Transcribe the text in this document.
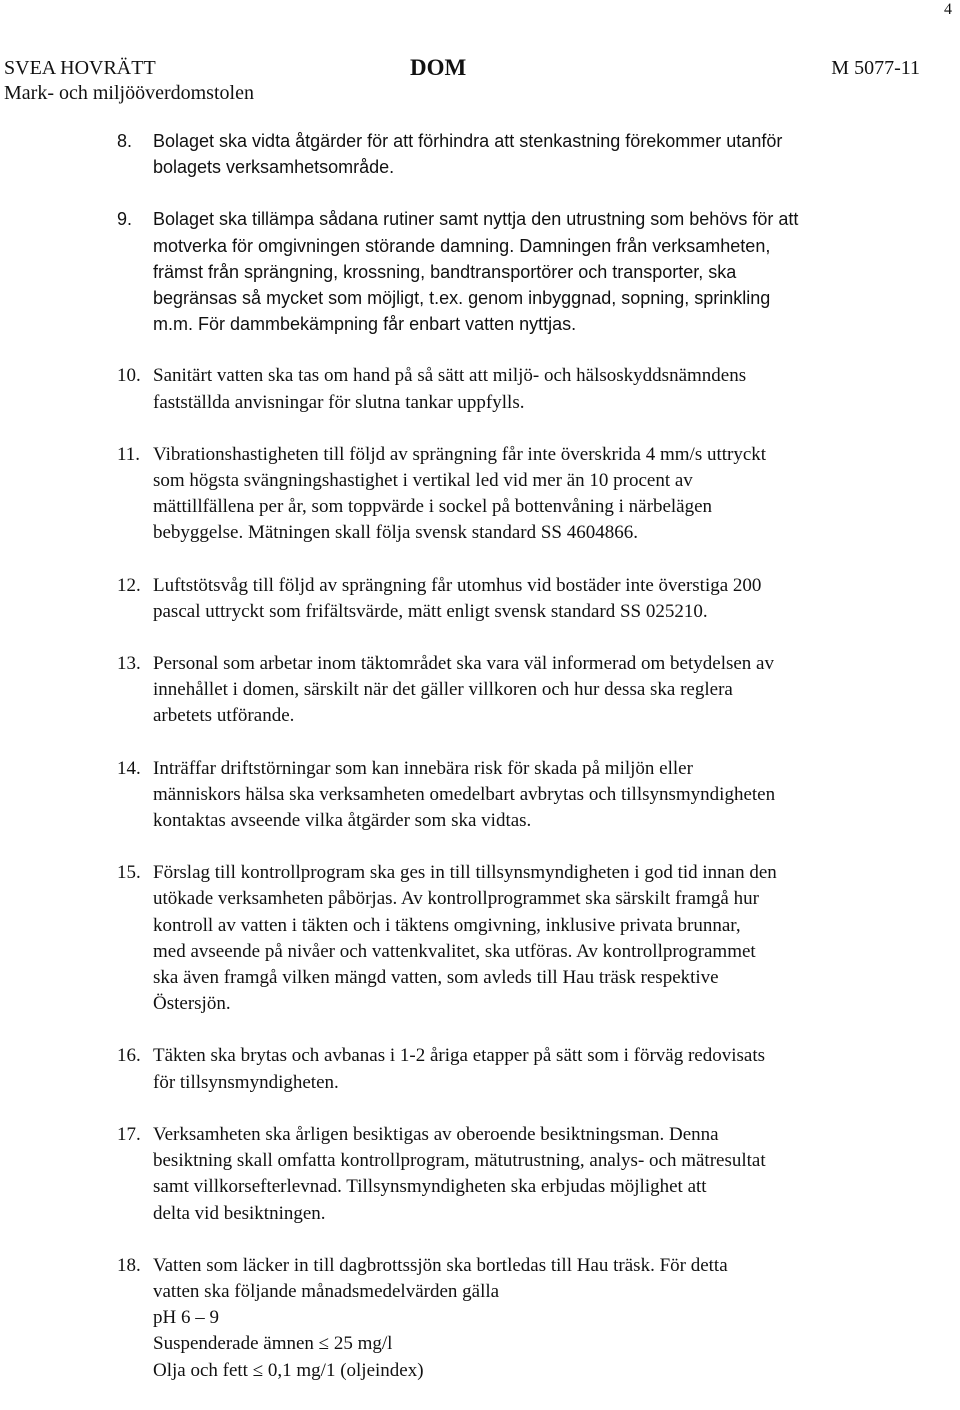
4
SVEA HOVRÄTT
Mark- och miljööverdomstolen
DOM	M 5077-11
8. Bolaget ska vidta åtgärder för att förhindra att stenkastning förekommer utanför
bolagets verksamhetsområde.
9. Bolaget ska tillämpa sådana rutiner samt nyttja den utrustning som behövs för att
motverka för omgivningen störande damning. Damningen från verksamheten,
främst från sprängning, krossning, bandtransportörer och transporter, ska
begränsas så mycket som möjligt, t.ex. genom inbyggnad, sopning, sprinkling
m.m. För dammbekämpning får enbart vatten nyttjas.
10. Sanitärt vatten ska tas om hand på så sätt att miljö- och hälsoskyddsnämndens
fastställda anvisningar för slutna tankar uppfylls.
11. Vibrationshastigheten till följd av sprängning får inte överskrida 4 mm/s uttryckt
som högsta svängningshastighet i vertikal led vid mer än 10 procent av
mättillfällena per år, som toppvärde i sockel på bottenvåning i närbelägen
bebyggelse. Mätningen skall följa svensk standard SS 4604866.
12. Luftstötsvåg till följd av sprängning får utomhus vid bostäder inte överstiga 200
pascal uttryckt som frifältsvärde, mätt enligt svensk standard SS 025210.
13. Personal som arbetar inom täktområdet ska vara väl informerad om betydelsen av
innehållet i domen, särskilt när det gäller villkoren och hur dessa ska reglera
arbetets utförande.
14. Inträffar driftstörningar som kan innebära risk för skada på miljön eller
människors hälsa ska verksamheten omedelbart avbrytas och tillsynsmyndigheten
kontaktas avseende vilka åtgärder som ska vidtas.
15. Förslag till kontrollprogram ska ges in till tillsynsmyndigheten i god tid innan den
utökade verksamheten påbörjas. Av kontrollprogrammet ska särskilt framgå hur
kontroll av vatten i täkten och i täktens omgivning, inklusive privata brunnar,
med avseende på nivåer och vattenkvalitet, ska utföras. Av kontrollprogrammet
ska även framgå vilken mängd vatten, som avleds till Hau träsk respektive
Östersjön.
16. Täkten ska brytas och avbanas i 1-2 åriga etapper på sätt som i förväg redovisats
för tillsynsmyndigheten.
17. Verksamheten ska årligen besiktigas av oberoende besiktningsman. Denna
besiktning skall omfatta kontrollprogram, mätutrustning, analys- och mätresultat
samt villkorsefterlevnad. Tillsynsmyndigheten ska erbjudas möjlighet att
delta vid besiktningen.
18. Vatten som läcker in till dagbrottssjön ska bortledas till Hau träsk. För detta
vatten ska följande månadsmedelvärden gälla
pH 6 – 9
Suspenderade ämnen ≤ 25 mg/l
Olja och fett ≤ 0,1 mg/1 (oljeindex)
